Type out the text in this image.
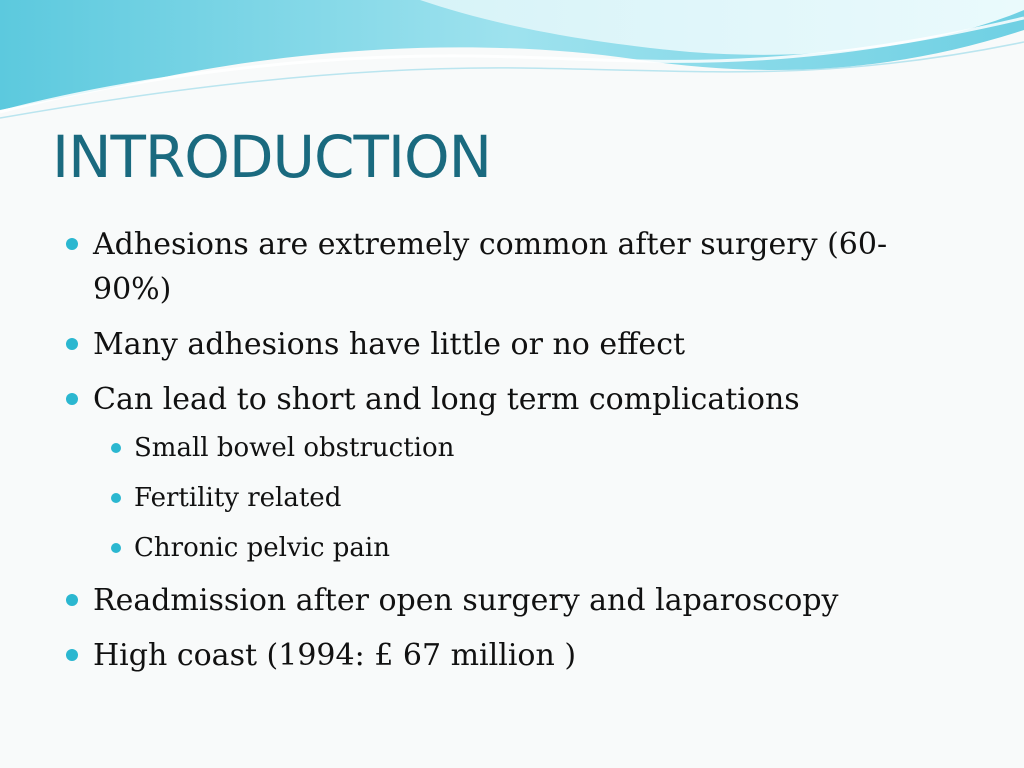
INTRODUCTION
Adhesions are extremely common after surgery (60-
90%)
Many adhesions have little or no effect
Can lead to short and long term complications
Small bowel obstruction
Fertility related
Chronic pelvic pain
Readmission after open surgery and laparoscopy
High coast (1994: £ 67 million )
